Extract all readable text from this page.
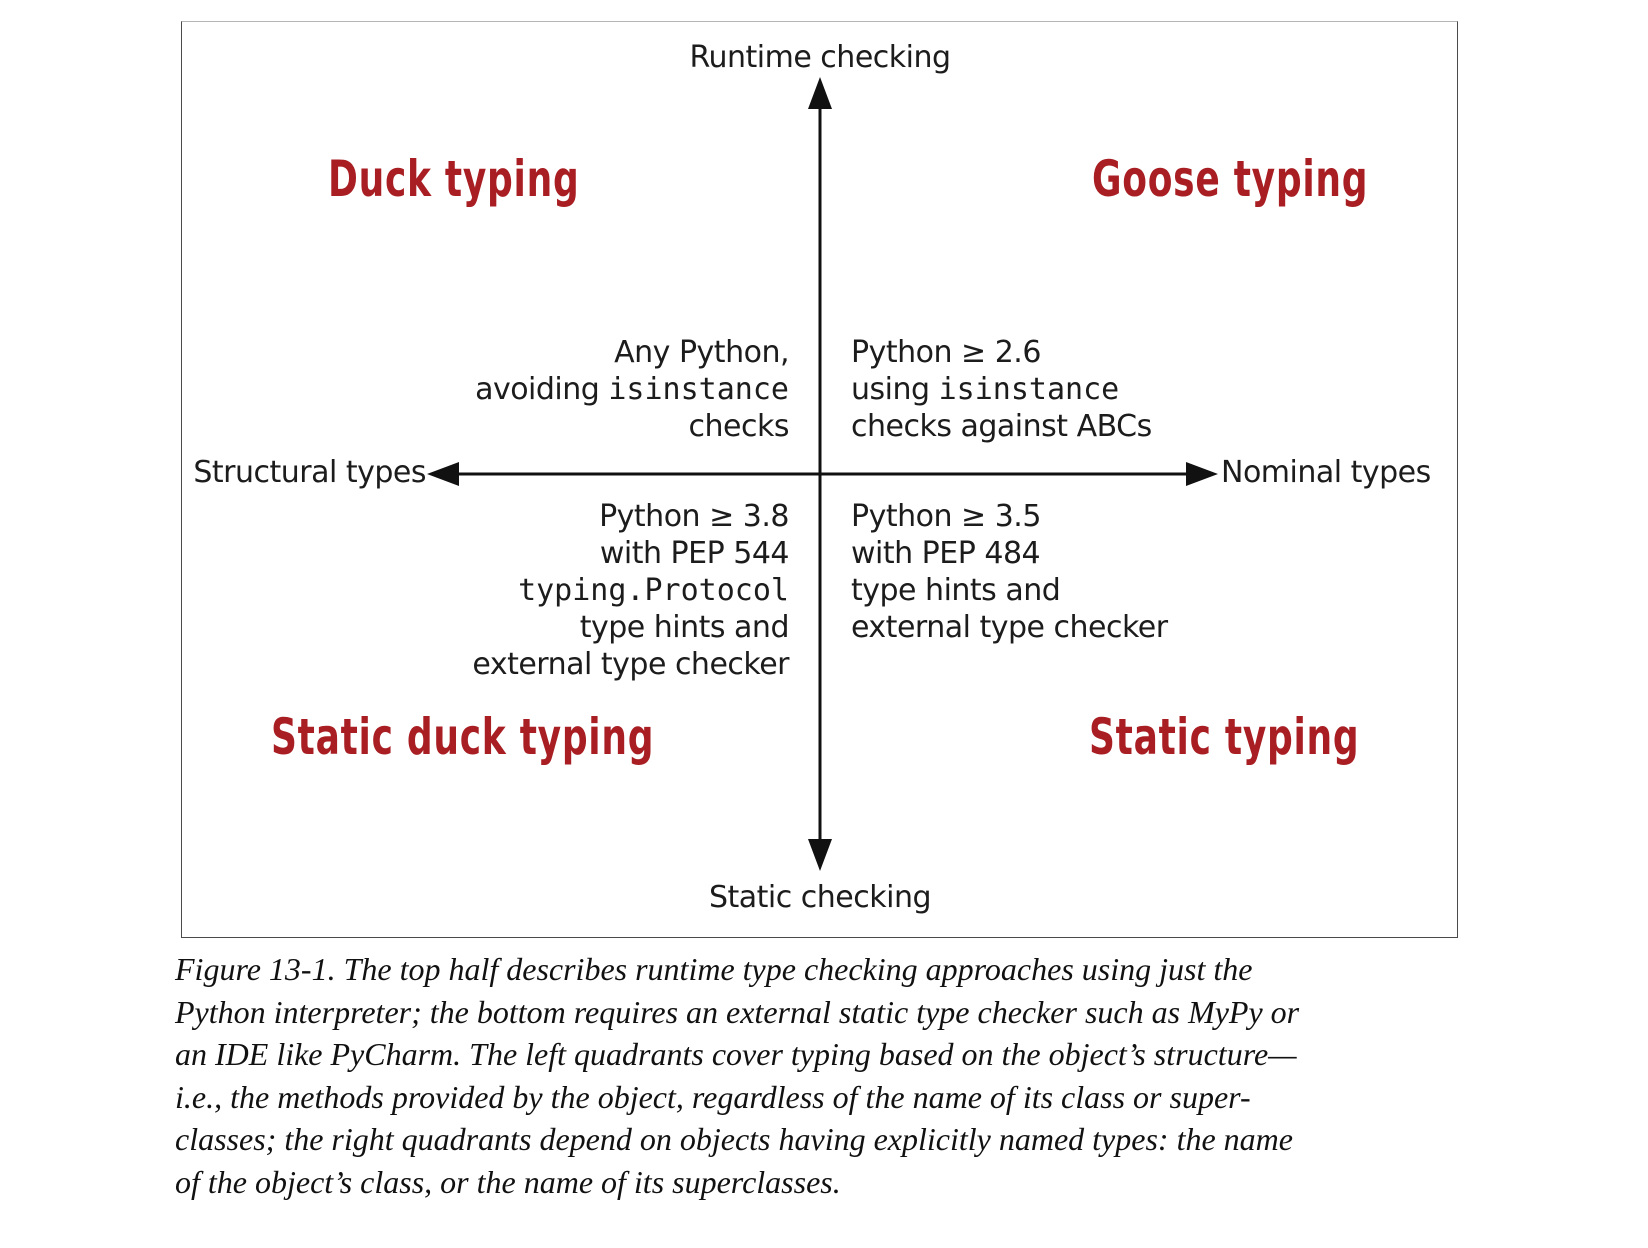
Runtime checking
Static checking
Structural types	Nominal types
Duck typing	Goose typing
Static duck typing	Static typing
Any Python,
avoiding isinstance
checks
Python ≥ 2.6
using isinstance
checks against ABCs
Python ≥ 3.8
with PEP 544
typing.Protocol
type hints and
external type checker
Python ≥ 3.5
with PEP 484
type hints and
external type checker
Figure 13-1. The top half describes runtime type checking approaches using just the
Python interpreter; the bottom requires an external static type checker such as MyPy or
an IDE like PyCharm. The left quadrants cover typing based on the object’s structure—
i.e., the methods provided by the object, regardless of the name of its class or super-
classes; the right quadrants depend on objects having explicitly named types: the name
of the object’s class, or the name of its superclasses.
